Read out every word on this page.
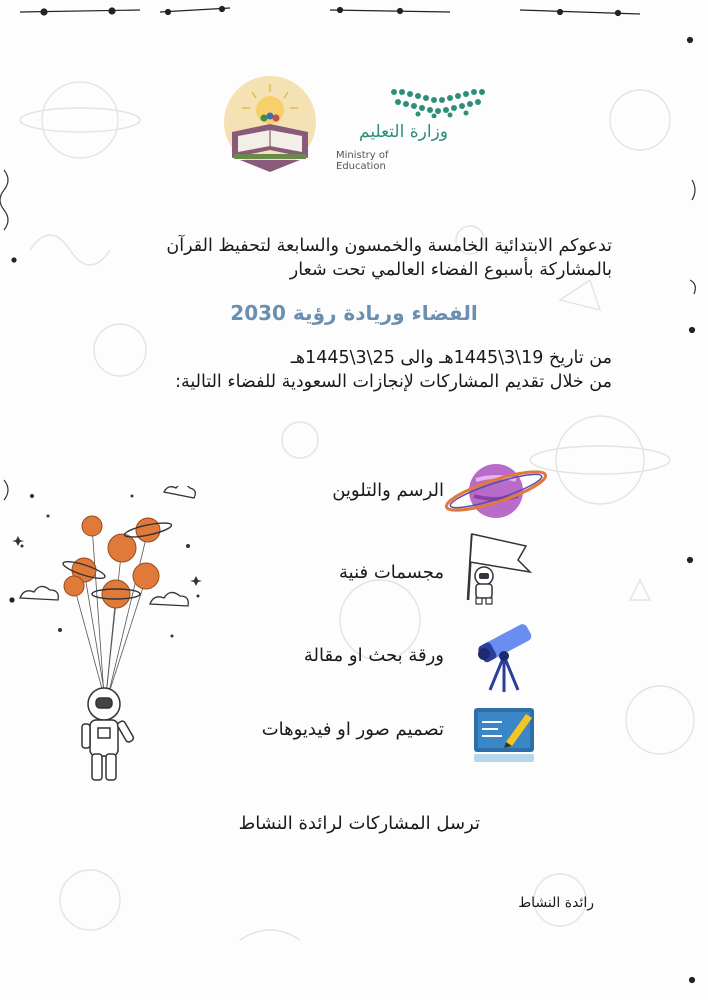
وزارة التعليم
Ministry of Education
تدعوكم الابتدائية الخامسة والخمسون والسابعة لتحفيظ القرآن
بالمشاركة بأسبوع الفضاء العالمي تحت شعار
الفضاء وريادة رؤية 2030
من تاريخ 19\3\1445هـ والى 25\3\1445هـ
من خلال تقديم المشاركات لإنجازات السعودية للفضاء التالية:
الرسم والتلوين
مجسمات فنية
ورقة بحث او مقالة
تصميم صور او فيديوهات
ترسل المشاركات لرائدة النشاط
رائدة النشاط
